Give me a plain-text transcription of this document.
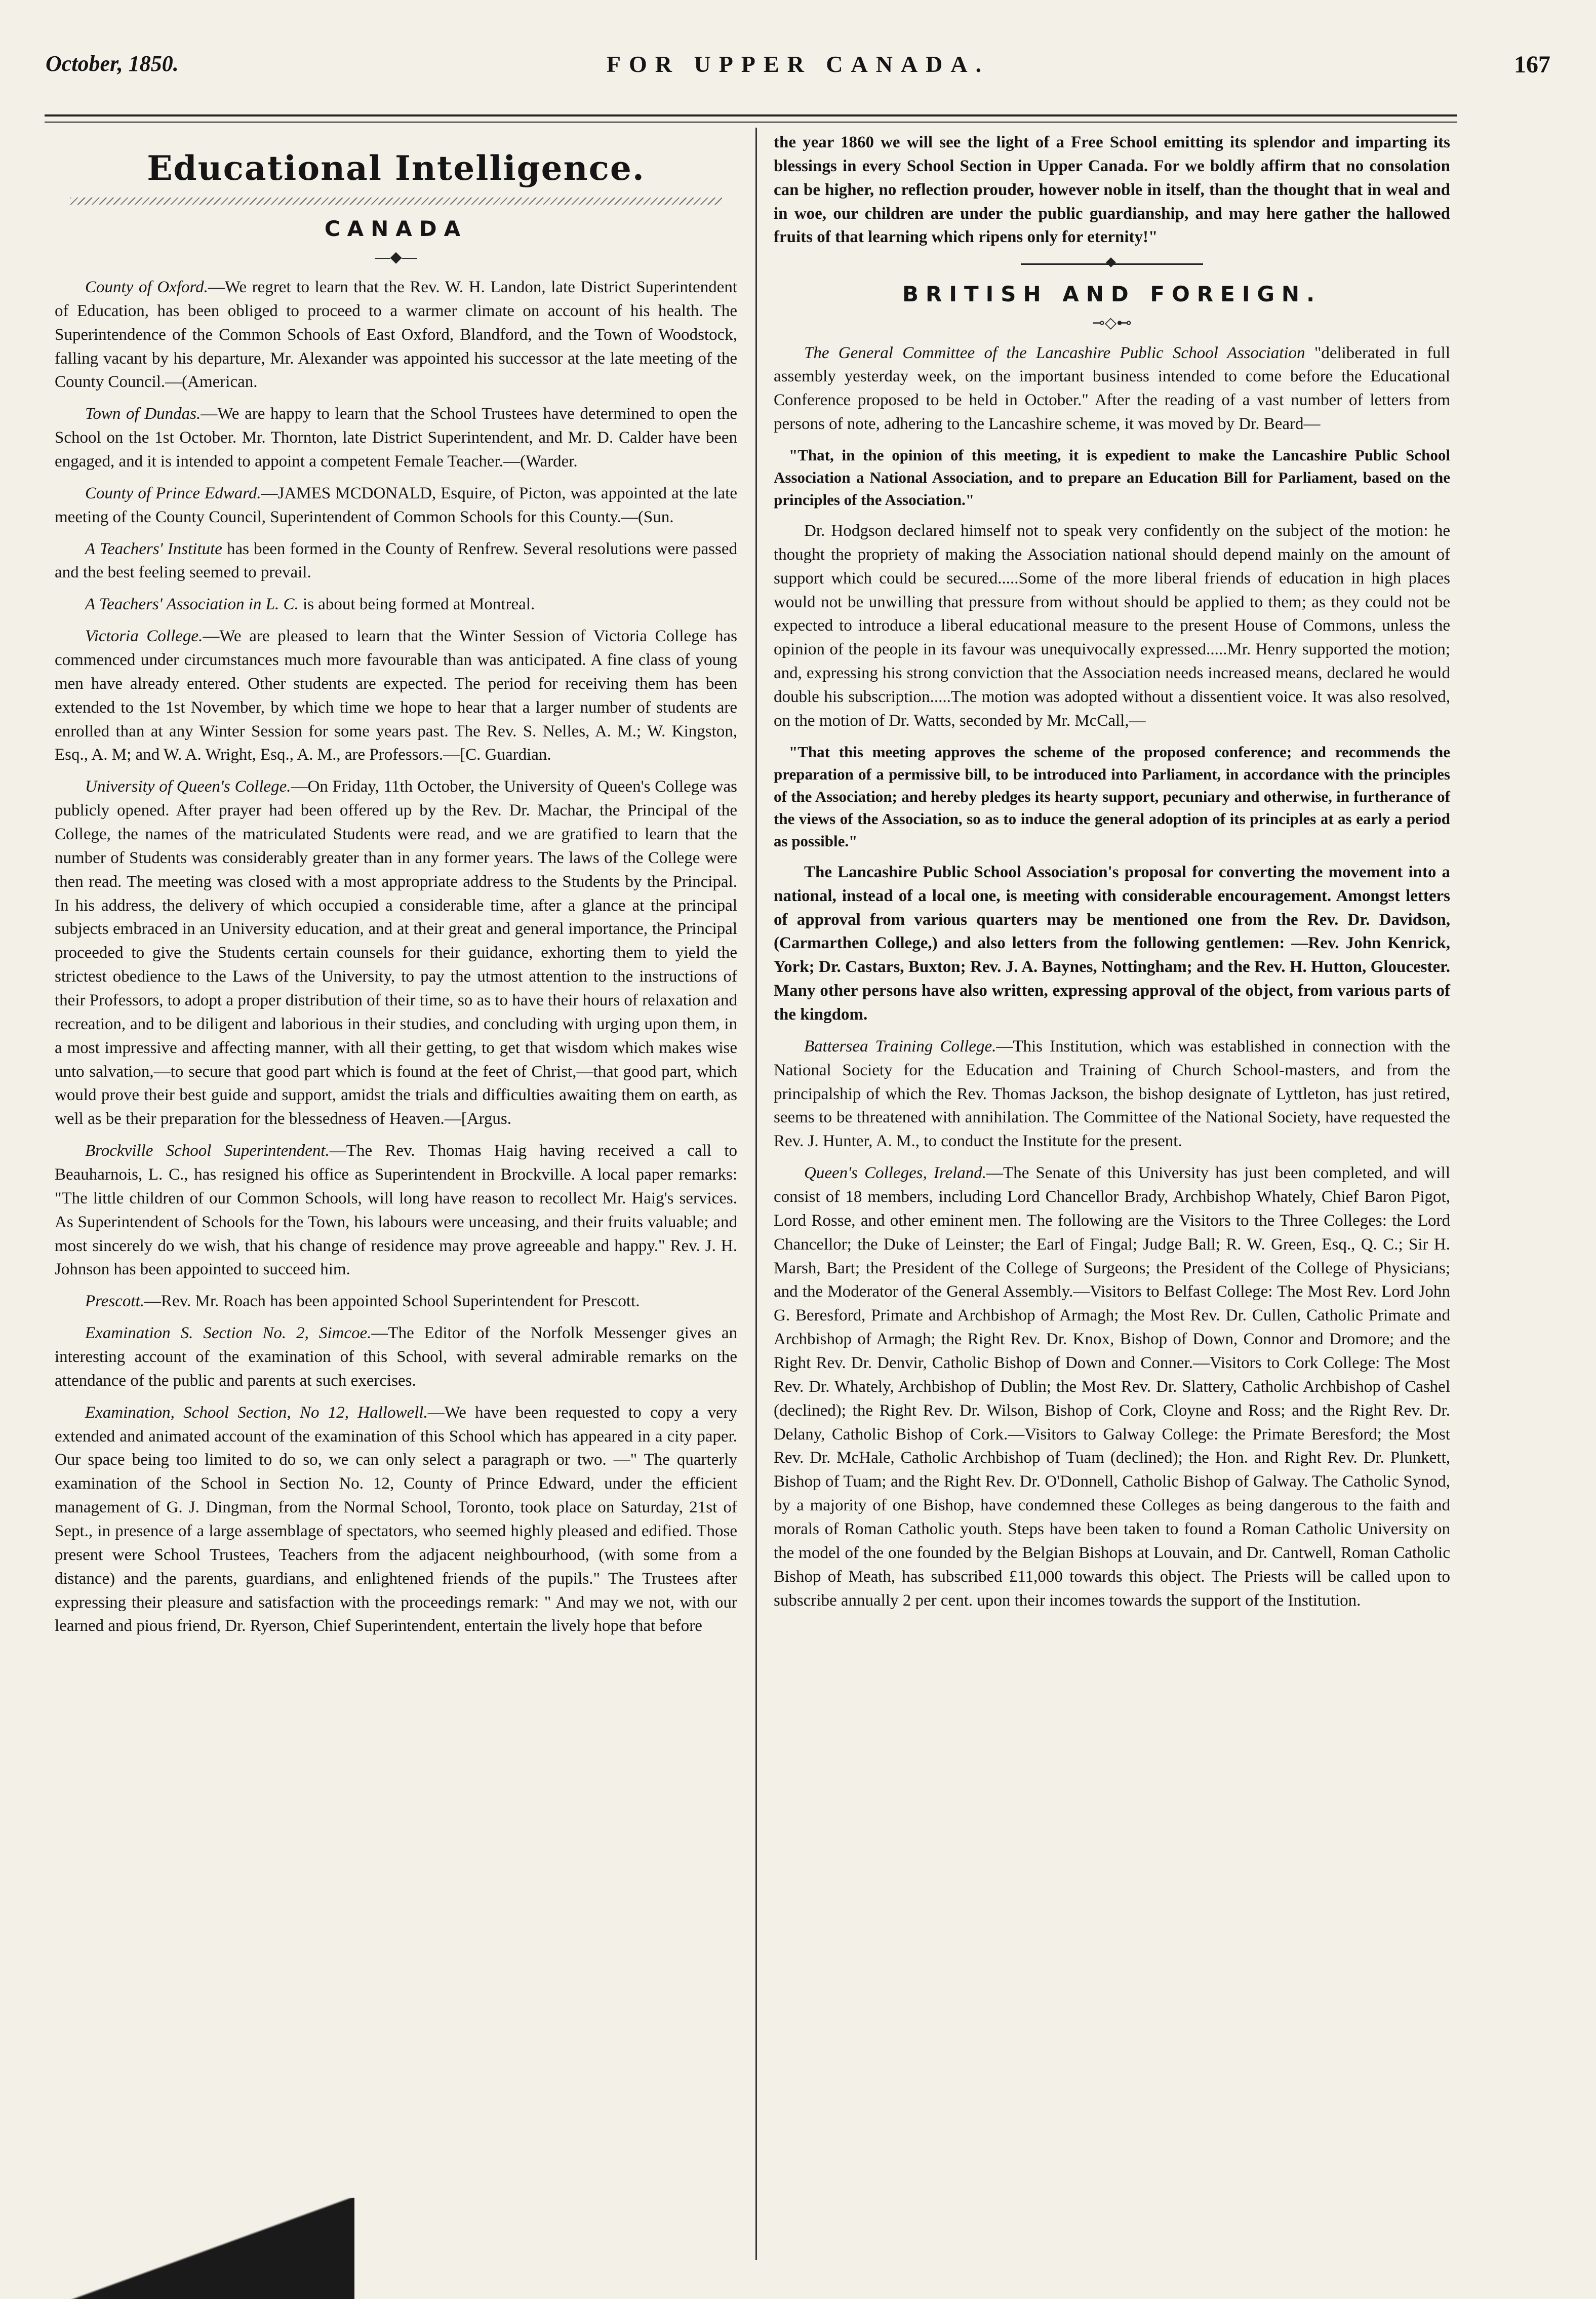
October, 1850.	FOR UPPER CANADA.	167
Educational Intelligence.
CANADA
—◆—

County of Oxford.—We regret to learn that the Rev. W. H. Landon, late District Superintendent of Education, has been obliged to proceed to a warmer climate on account of his health. The Superintendence of the Common Schools of East Oxford, Blandford, and the Town of Woodstock, falling vacant by his departure, Mr. Alexander was appointed his successor at the late meeting of the County Council.—(American.

Town of Dundas.—We are happy to learn that the School Trustees have determined to open the School on the 1st October. Mr. Thornton, late District Superintendent, and Mr. D. Calder have been engaged, and it is intended to appoint a competent Female Teacher.—(Warder.

County of Prince Edward.—JAMES MCDONALD, Esquire, of Picton, was appointed at the late meeting of the County Council, Superintendent of Common Schools for this County.—(Sun.

A Teachers' Institute has been formed in the County of Renfrew. Several resolutions were passed and the best feeling seemed to prevail.

A Teachers' Association in L. C. is about being formed at Montreal.

Victoria College.—We are pleased to learn that the Winter Session of Victoria College has commenced under circumstances much more favourable than was anticipated. A fine class of young men have already entered. Other students are expected. The period for receiving them has been extended to the 1st November, by which time we hope to hear that a larger number of students are enrolled than at any Winter Session for some years past. The Rev. S. Nelles, A. M.; W. Kingston, Esq., A. M; and W. A. Wright, Esq., A. M., are Professors.—[C. Guardian.

University of Queen's College.—On Friday, 11th October, the University of Queen's College was publicly opened. After prayer had been offered up by the Rev. Dr. Machar, the Principal of the College, the names of the matriculated Students were read, and we are gratified to learn that the number of Students was considerably greater than in any former years. The laws of the College were then read. The meeting was closed with a most appropriate address to the Students by the Principal. In his address, the delivery of which occupied a considerable time, after a glance at the principal subjects embraced in an University education, and at their great and general importance, the Principal proceeded to give the Students certain counsels for their guidance, exhorting them to yield the strictest obedience to the Laws of the University, to pay the utmost attention to the instructions of their Professors, to adopt a proper distribution of their time, so as to have their hours of relaxation and recreation, and to be diligent and laborious in their studies, and concluding with urging upon them, in a most impressive and affecting manner, with all their getting, to get that wisdom which makes wise unto salvation,—to secure that good part which is found at the feet of Christ,—that good part, which would prove their best guide and support, amidst the trials and difficulties awaiting them on earth, as well as be their preparation for the blessedness of Heaven.—[Argus.

Brockville School Superintendent.—The Rev. Thomas Haig having received a call to Beauharnois, L. C., has resigned his office as Superintendent in Brockville. A local paper remarks: "The little children of our Common Schools, will long have reason to recollect Mr. Haig's services. As Superintendent of Schools for the Town, his labours were unceasing, and their fruits valuable; and most sincerely do we wish, that his change of residence may prove agreeable and happy." Rev. J. H. Johnson has been appointed to succeed him.

Prescott.—Rev. Mr. Roach has been appointed School Superintendent for Prescott.

Examination S. Section No. 2, Simcoe.—The Editor of the Norfolk Messenger gives an interesting account of the examination of this School, with several admirable remarks on the attendance of the public and parents at such exercises.

Examination, School Section, No 12, Hallowell.—We have been requested to copy a very extended and animated account of the examination of this School which has appeared in a city paper. Our space being too limited to do so, we can only select a paragraph or two. —" The quarterly examination of the School in Section No. 12, County of Prince Edward, under the efficient management of G. J. Dingman, from the Normal School, Toronto, took place on Saturday, 21st of Sept., in presence of a large assemblage of spectators, who seemed highly pleased and edified. Those present were School Trustees, Teachers from the adjacent neighbourhood, (with some from a distance) and the parents, guardians, and enlightened friends of the pupils." The Trustees after expressing their pleasure and satisfaction with the proceedings remark: " And may we not, with our learned and pious friend, Dr. Ryerson, Chief Superintendent, entertain the lively hope that before

the year 1860 we will see the light of a Free School emitting its splendor and imparting its blessings in every School Section in Upper Canada. For we boldly affirm that no consolation can be higher, no reflection prouder, however noble in itself, than the thought that in weal and in woe, our children are under the public guardianship, and may here gather the hallowed fruits of that learning which ripens only for eternity!"

BRITISH AND FOREIGN.
⊸◇⊷

The General Committee of the Lancashire Public School Association "deliberated in full assembly yesterday week, on the important business intended to come before the Educational Conference proposed to be held in October." After the reading of a vast number of letters from persons of note, adhering to the Lancashire scheme, it was moved by Dr. Beard—

"That, in the opinion of this meeting, it is expedient to make the Lancashire Public School Association a National Association, and to prepare an Education Bill for Parliament, based on the principles of the Association."

Dr. Hodgson declared himself not to speak very confidently on the subject of the motion: he thought the propriety of making the Association national should depend mainly on the amount of support which could be secured.....Some of the more liberal friends of education in high places would not be unwilling that pressure from without should be applied to them; as they could not be expected to introduce a liberal educational measure to the present House of Commons, unless the opinion of the people in its favour was unequivocally expressed.....Mr. Henry supported the motion; and, expressing his strong conviction that the Association needs increased means, declared he would double his subscription.....The motion was adopted without a dissentient voice. It was also resolved, on the motion of Dr. Watts, seconded by Mr. McCall,—

"That this meeting approves the scheme of the proposed conference; and recommends the preparation of a permissive bill, to be introduced into Parliament, in accordance with the principles of the Association; and hereby pledges its hearty support, pecuniary and otherwise, in furtherance of the views of the Association, so as to induce the general adoption of its principles at as early a period as possible."

The Lancashire Public School Association's proposal for converting the movement into a national, instead of a local one, is meeting with considerable encouragement. Amongst letters of approval from various quarters may be mentioned one from the Rev. Dr. Davidson, (Carmarthen College,) and also letters from the following gentlemen: —Rev. John Kenrick, York; Dr. Castars, Buxton; Rev. J. A. Baynes, Nottingham; and the Rev. H. Hutton, Gloucester. Many other persons have also written, expressing approval of the object, from various parts of the kingdom.

Battersea Training College.—This Institution, which was established in connection with the National Society for the Education and Training of Church School-masters, and from the principalship of which the Rev. Thomas Jackson, the bishop designate of Lyttleton, has just retired, seems to be threatened with annihilation. The Committee of the National Society, have requested the Rev. J. Hunter, A. M., to conduct the Institute for the present.

Queen's Colleges, Ireland.—The Senate of this University has just been completed, and will consist of 18 members, including Lord Chancellor Brady, Archbishop Whately, Chief Baron Pigot, Lord Rosse, and other eminent men. The following are the Visitors to the Three Colleges: the Lord Chancellor; the Duke of Leinster; the Earl of Fingal; Judge Ball; R. W. Green, Esq., Q. C.; Sir H. Marsh, Bart; the President of the College of Surgeons; the President of the College of Physicians; and the Moderator of the General Assembly.—Visitors to Belfast College: The Most Rev. Lord John G. Beresford, Primate and Archbishop of Armagh; the Most Rev. Dr. Cullen, Catholic Primate and Archbishop of Armagh; the Right Rev. Dr. Knox, Bishop of Down, Connor and Dromore; and the Right Rev. Dr. Denvir, Catholic Bishop of Down and Conner.—Visitors to Cork College: The Most Rev. Dr. Whately, Archbishop of Dublin; the Most Rev. Dr. Slattery, Catholic Archbishop of Cashel (declined); the Right Rev. Dr. Wilson, Bishop of Cork, Cloyne and Ross; and the Right Rev. Dr. Delany, Catholic Bishop of Cork.—Visitors to Galway College: the Primate Beresford; the Most Rev. Dr. McHale, Catholic Archbishop of Tuam (declined); the Hon. and Right Rev. Dr. Plunkett, Bishop of Tuam; and the Right Rev. Dr. O'Donnell, Catholic Bishop of Galway. The Catholic Synod, by a majority of one Bishop, have condemned these Colleges as being dangerous to the faith and morals of Roman Catholic youth. Steps have been taken to found a Roman Catholic University on the model of the one founded by the Belgian Bishops at Louvain, and Dr. Cantwell, Roman Catholic Bishop of Meath, has subscribed £11,000 towards this object. The Priests will be called upon to subscribe annually 2 per cent. upon their incomes towards the support of the Institution.
